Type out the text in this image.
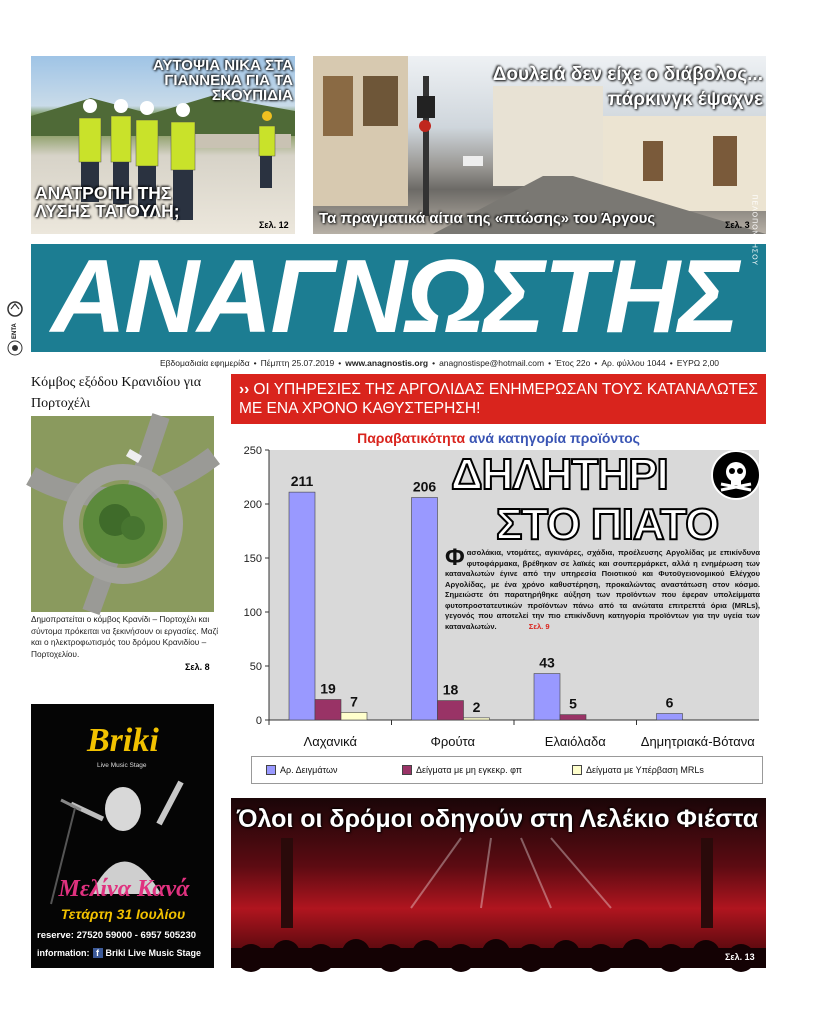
ΑΥΤΟΨΙΑ ΝΙΚΑ ΣΤΑ ΓΙΑΝΝΕΝΑ ΓΙΑ ΤΑ ΣΚΟΥΠΙΔΙΑ
ΑΝΑΤΡΟΠΗ ΤΗΣ ΛΥΣΗΣ ΤΑΤΟΥΛΗ;
Σελ. 12
Δουλειά δεν είχε ο διάβολος... πάρκινγκ έψαχνε
Τα πραγματικά αίτια της «πτώσης» του Άργους	Σελ. 3
ΕΝΤΑ ΑΝΑΓΝΩΣΤΗΣ
ΠΕΛΟΠΟΝΝΗΣΟΥ
Εβδομαδιαία εφημερίδα • Πέμπτη 25.07.2019 • www.anagnostis.org • anagnostispe@hotmail.com • Έτος 22ο • Αρ. φύλλου 1044 • ΕΥΡΩ 2,00
Κόμβος εξόδου Κρανιδίου για Πορτοχέλι
Δημοπρατείται ο κόμβος Κρανίδι – Πορτοχέλι και σύντομα πρόκειται να ξεκινήσουν οι εργασίες. Μαζί και ο ηλεκτροφωτισμός του δρόμου Κρανιδίου – Πορτοχελίου.
Σελ. 8
Briki
Live Music Stage
Μελίνα Κανά
Τετάρτη 31 Ιουλίου
reserve: 27520 59000 - 6957 505230
information: f Briki Live Music Stage
›› ΟΙ ΥΠΗΡΕΣΙΕΣ ΤΗΣ ΑΡΓΟΛΙΔΑΣ ΕΝΗΜΕΡΩΣΑΝ ΤΟΥΣ ΚΑΤΑΝΑΛΩΤΕΣ ΜΕ ΕΝΑ ΧΡΟΝΟ ΚΑΘΥΣΤΕΡΗΣΗ!
Παραβατικότητα ανά κατηγορία προϊόντος
0
50
100
150
200
250
211
19
7
Λαχανικά
206
18
2
Φρούτα
43
5
Ελαιόλαδα
6
Δημητριακά-Βότανα
ΔΗΛΗΤΗΡΙ
ΣΤΟ ΠΙΑΤΟ
Φασολάκια, ντομάτες, αγκινάρες, σχάδια, προέλευσης Αργολίδας με επικίνδυνα φυτοφάρμακα, βρέθηκαν σε λαϊκές και σουπερμάρκετ, αλλά η ενημέρωση των καταναλωτών έγινε από την υπηρεσία Ποιοτικού και Φυτοϋγειονομικού Ελέγχου Αργολίδας, με ένα χρόνο καθυστέρηση, προκαλώντας αναστάτωση στον κόσμο. Σημειώστε ότι παρατηρήθηκε αύξηση των προϊόντων που έφεραν υπολείμματα φυτοπροστατευτικών προϊόντων πάνω από τα ανώτατα επιτρεπτά όρια (MRLs), γεγονός που αποτελεί την πιο επικίνδυνη κατηγορία προϊόντων για την υγεία των καταναλωτών.	Σελ. 9
Αρ. Δειγμάτων	Δείγματα με μη εγκεκρ. φπ	Δείγματα με Υπέρβαση MRLs
Όλοι οι δρόμοι οδηγούν στη Λελέκιο Φιέστα
Σελ. 13
